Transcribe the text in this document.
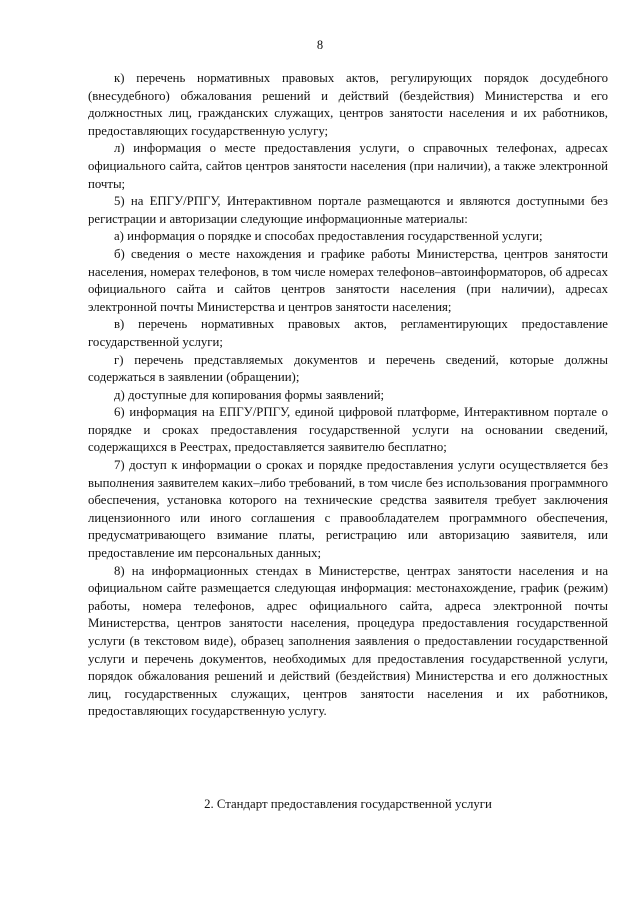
8

к) перечень нормативных правовых актов, регулирующих порядок досудебного (внесудебного) обжалования решений и действий (бездействия) Министерства и его должностных лиц, гражданских служащих, центров занятости населения и их работников, предоставляющих государственную услугу;

л) информация о месте предоставления услуги, о справочных телефонах, адресах официального сайта, сайтов центров занятости населения (при наличии), а также электронной почты;

5) на ЕПГУ/РПГУ, Интерактивном портале размещаются и являются доступными без регистрации и авторизации следующие информационные материалы:

а) информация о порядке и способах предоставления государственной услуги;

б) сведения о месте нахождения и графике работы Министерства, центров занятости населения, номерах телефонов, в том числе номерах телефонов–автоинформаторов, об адресах официального сайта и сайтов центров занятости населения (при наличии), адресах электронной почты Министерства и центров занятости населения;

в) перечень нормативных правовых актов, регламентирующих предоставление государственной услуги;

г) перечень представляемых документов и перечень сведений, которые должны содержаться в заявлении (обращении);

д) доступные для копирования формы заявлений;

6) информация на ЕПГУ/РПГУ, единой цифровой платформе, Интерактивном портале о порядке и сроках предоставления государственной услуги на основании сведений, содержащихся в Реестрах, предоставляется заявителю бесплатно;

7) доступ к информации о сроках и порядке предоставления услуги осуществляется без выполнения заявителем каких–либо требований, в том числе без использования программного обеспечения, установка которого на технические средства заявителя требует заключения лицензионного или иного соглашения с правообладателем программного обеспечения, предусматривающего взимание платы, регистрацию или авторизацию заявителя, или предоставление им персональных данных;

8) на информационных стендах в Министерстве, центрах занятости населения и на официальном сайте размещается следующая информация: местонахождение, график (режим) работы, номера телефонов, адрес официального сайта, адреса электронной почты Министерства, центров занятости населения, процедура предоставления государственной услуги (в текстовом виде), образец заполнения заявления о предоставлении государственной услуги и перечень документов, необходимых для предоставления государственной услуги, порядок обжалования решений и действий (бездействия) Министерства и его должностных лиц, государственных служащих, центров занятости населения и их работников, предоставляющих государственную услугу.

2. Стандарт предоставления государственной услуги
